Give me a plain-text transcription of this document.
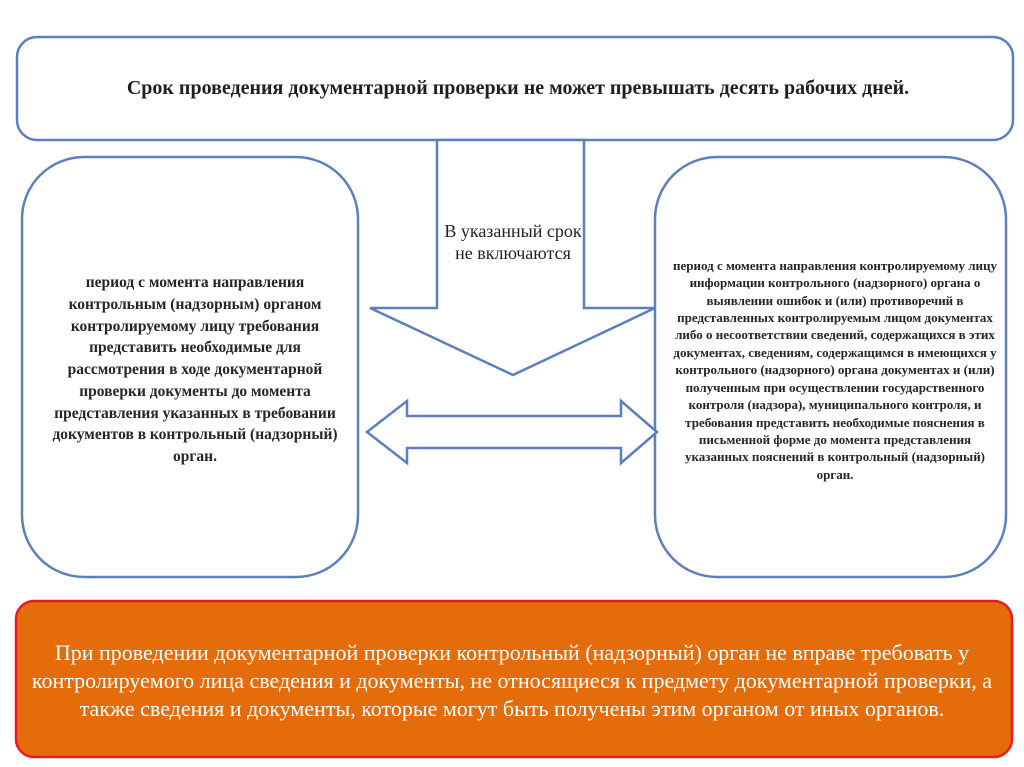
Срок проведения документарной проверки не может превышать десять рабочих дней.
В указанный срок не включаются
период с момента направления контрольным (надзорным) органом контролируемому лицу требования представить необходимые для рассмотрения в ходе документарной проверки документы до момента представления указанных в требовании документов в контрольный (надзорный) орган.
период с момента направления контролируемому лицу информации контрольного (надзорного) органа о выявлении ошибок и (или) противоречий в представленных контролируемым лицом документах либо о несоответствии сведений, содержащихся в этих документах, сведениям, содержащимся в имеющихся у контрольного (надзорного) органа документах и (или) полученным при осуществлении государственного контроля (надзора), муниципального контроля, и требования представить необходимые пояснения в письменной форме до момента представления указанных пояснений в контрольный (надзорный) орган.
При проведении документарной проверки контрольный (надзорный) орган не вправе требовать у контролируемого лица сведения и документы, не относящиеся к предмету документарной проверки, а также сведения и документы, которые могут быть получены этим органом от иных органов.
